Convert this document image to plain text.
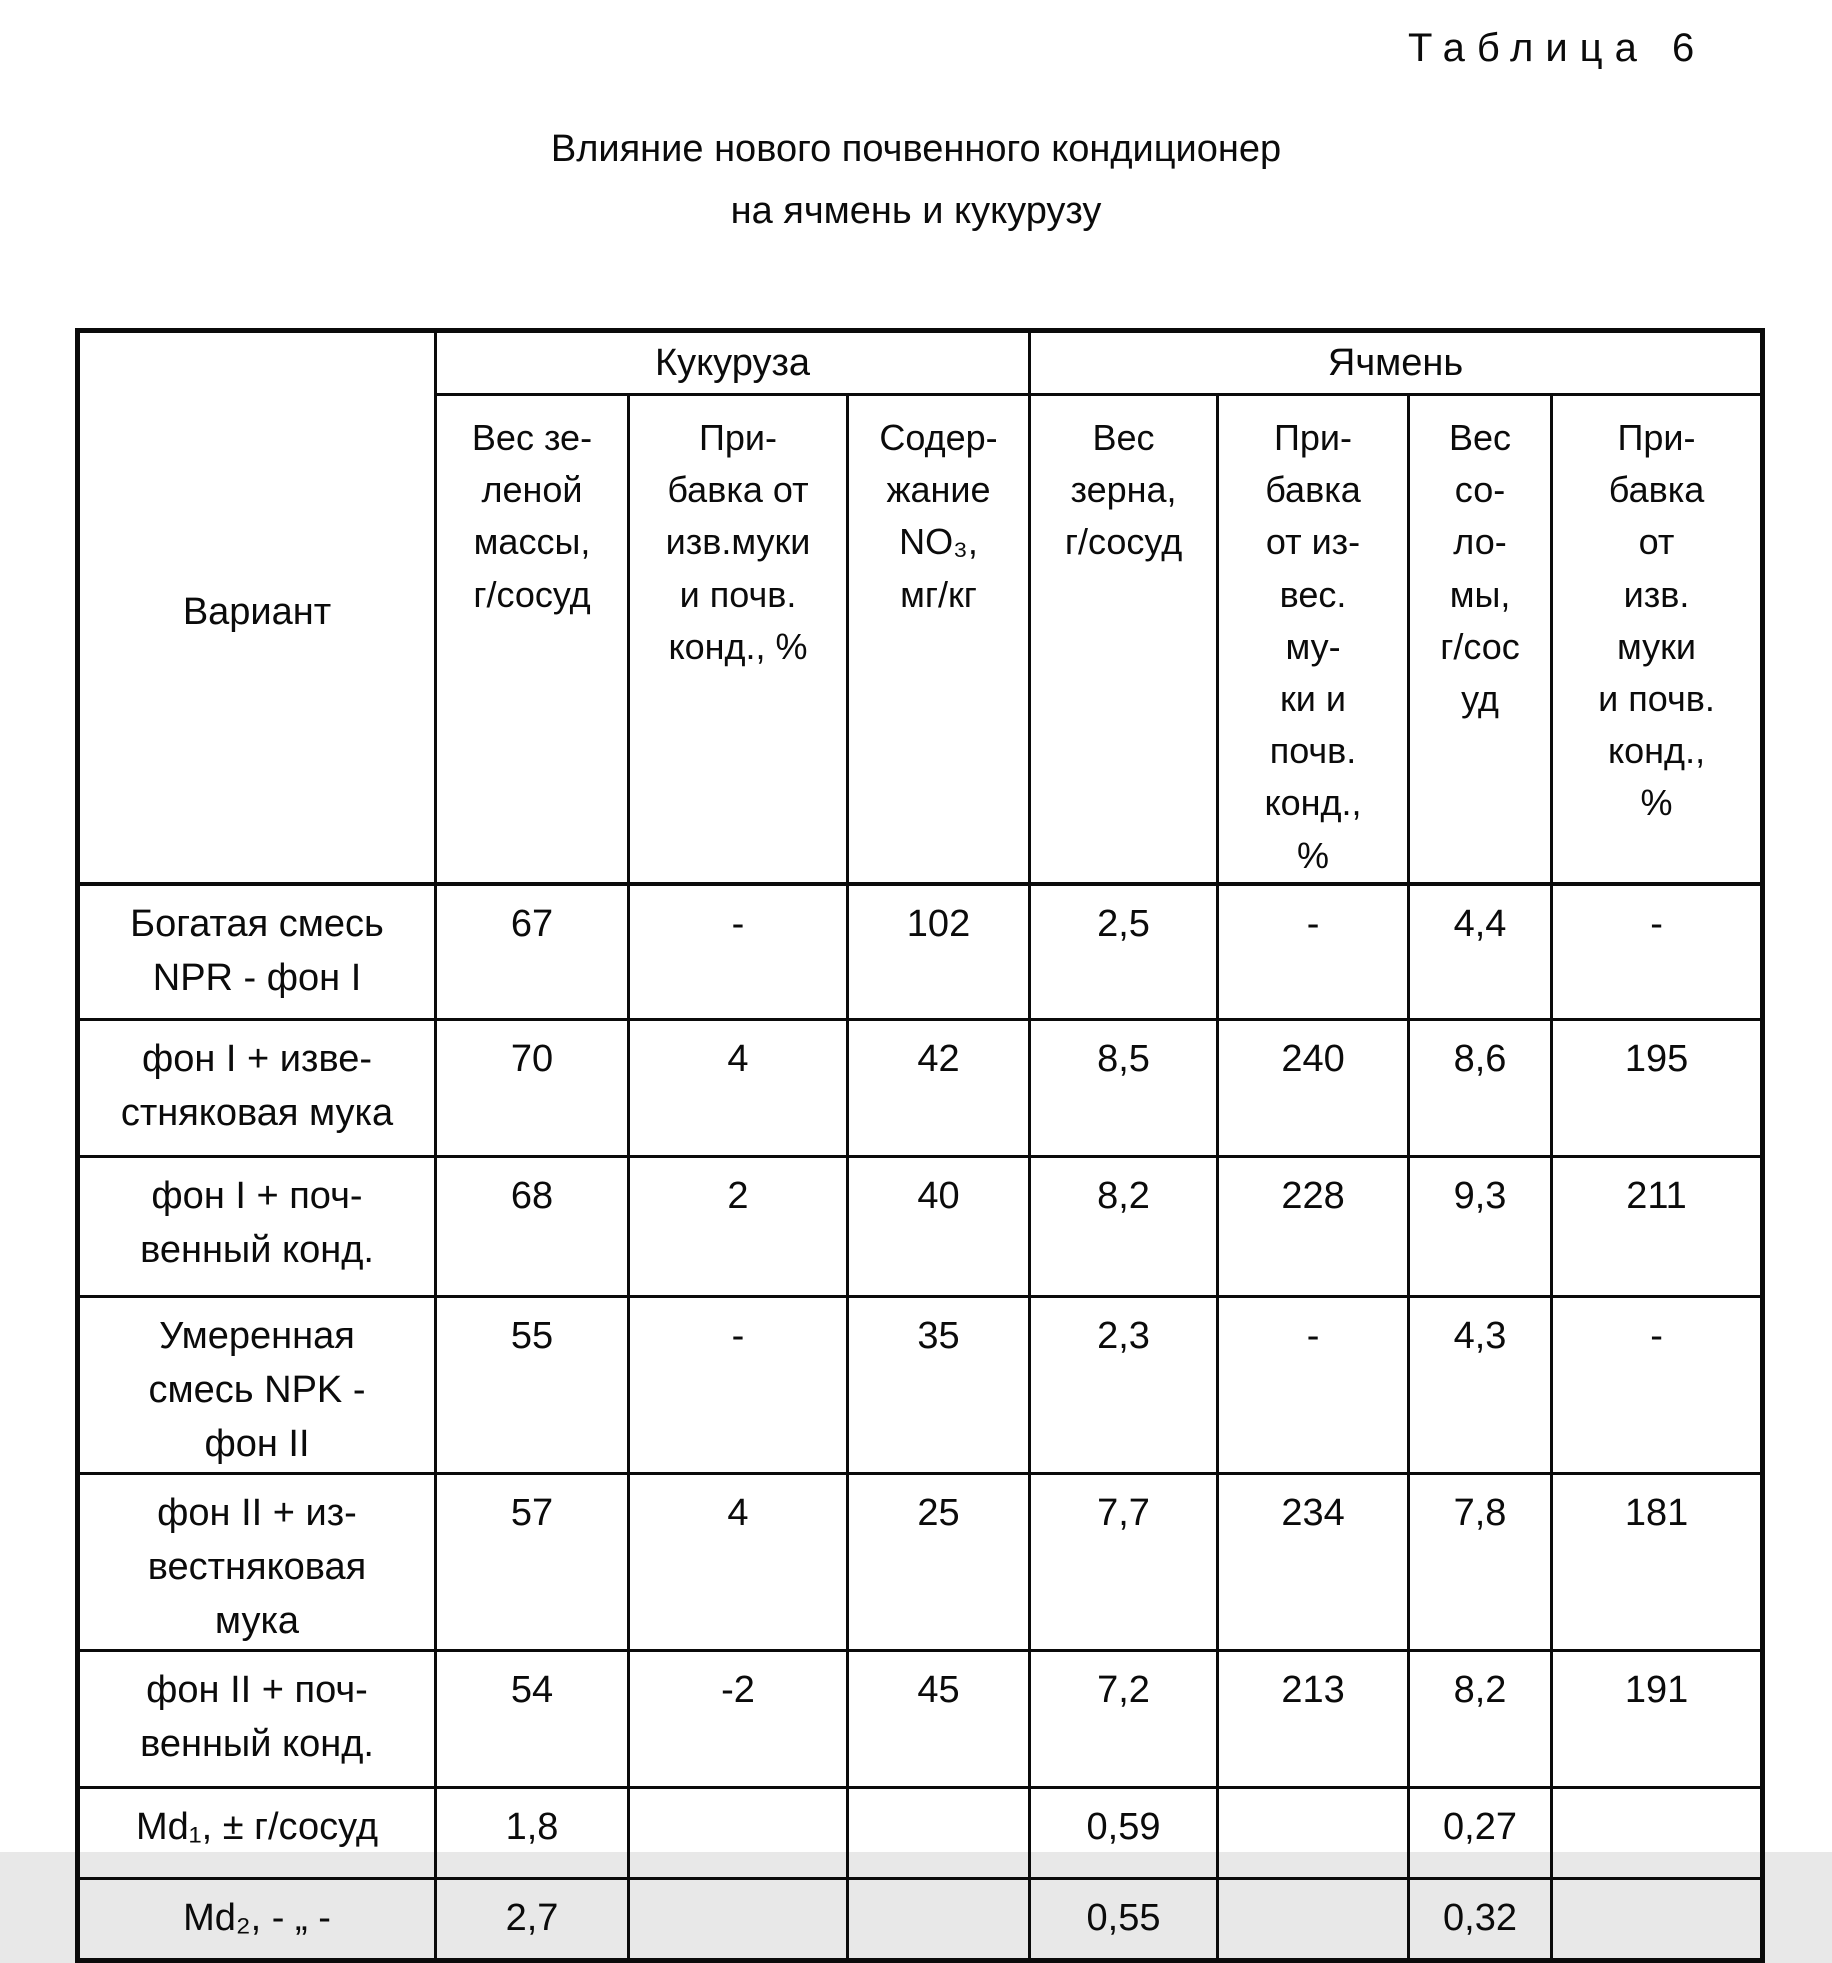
Таблица 6
Влияние нового почвенного кондиционер
на ячмень и кукурузу
Вариант	Кукуруза			Ячмень			
Вес зе-
леной
массы,
г/сосуд	При-
бавка от
изв.муки
и почв.
конд., %	Содер-
жание
NO₃,
мг/кг	Вес
зерна,
г/сосуд	При-
бавка
от из-
вес.
му-
ки и
почв.
конд.,
%	Вес
со-
ло-
мы,
г/сос
уд	При-
бавка
от
изв.
муки
и почв.
конд.,
%
Богатая смесь
NPR - фон I	67	-	102	2,5	-	4,4	-
фон I + изве-
стняковая мука	70	4	42	8,5	240	8,6	195
фон I + поч-
венный конд.	68	2	40	8,2	228	9,3	211
Умеренная
смесь NPK -
фон II	55	-	35	2,3	-	4,3	-
фон II + из-
вестняковая
мука	57	4	25	7,7	234	7,8	181
фон II + поч-
венный конд.	54	-2	45	7,2	213	8,2	191
Md₁, ± г/сосуд	1,8			0,59		0,27	
Md₂, - „ -	2,7			0,55		0,32	
